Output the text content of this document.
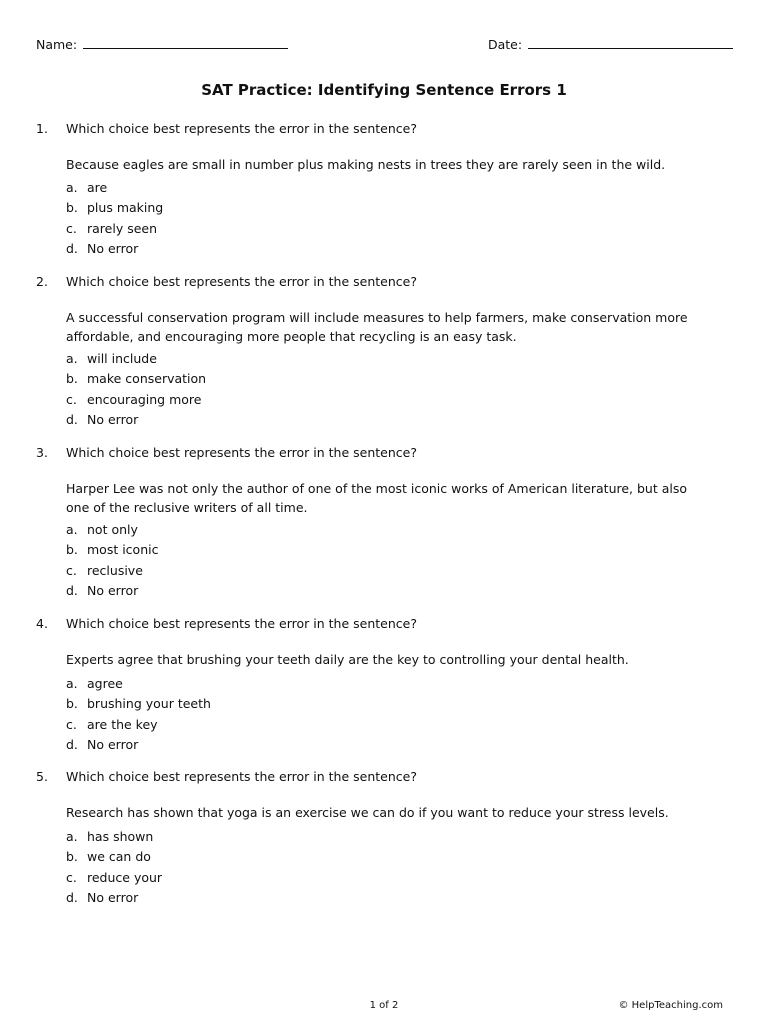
Name:	Date:
SAT Practice: Identifying Sentence Errors 1
1. Which choice best represents the error in the sentence?
Because eagles are small in number plus making nests in trees they are rarely seen in the wild.
a. are
b. plus making
c. rarely seen
d. No error
2. Which choice best represents the error in the sentence?
A successful conservation program will include measures to help farmers, make conservation more affordable, and encouraging more people that recycling is an easy task.
a. will include
b. make conservation
c. encouraging more
d. No error
3. Which choice best represents the error in the sentence?
Harper Lee was not only the author of one of the most iconic works of American literature, but also one of the reclusive writers of all time.
a. not only
b. most iconic
c. reclusive
d. No error
4. Which choice best represents the error in the sentence?
Experts agree that brushing your teeth daily are the key to controlling your dental health.
a. agree
b. brushing your teeth
c. are the key
d. No error
5. Which choice best represents the error in the sentence?
Research has shown that yoga is an exercise we can do if you want to reduce your stress levels.
a. has shown
b. we can do
c. reduce your
d. No error
1 of 2	© HelpTeaching.com
